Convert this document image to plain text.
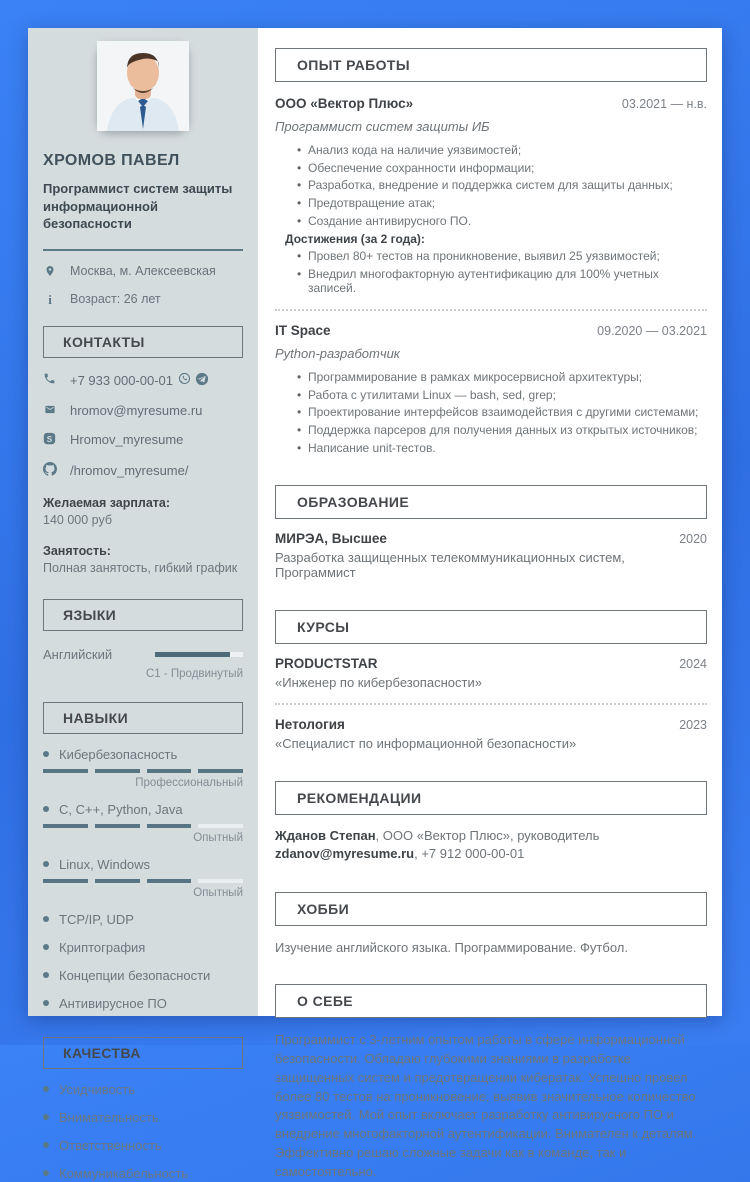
ХРОМОВ ПАВЕЛ
Программист систем защиты информационной безопасности
Москва, м. Алексеевская
i	Возраст: 26 лет
КОНТАКТЫ
+7 933 000-00-01
hromov@myresume.ru
S Hromov_myresume
/hromov_myresume/
Желаемая зарплата:
140 000 руб
Занятость:
Полная занятость, гибкий график
ЯЗЫКИ
Английский
C1 - Продвинутый
НАВЫКИ
Кибербезопасность
Профессиональный
C, C++, Python, Java
Опытный
Linux, Windows
Опытный
TCP/IP, UDP
Криптография
Концепции безопасности
Антивирусное ПО
КАЧЕСТВА
Усидчивость
Внимательность
Ответственность
Коммуникабельность
ОПЫТ РАБОТЫ
ООО «Вектор Плюс»	03.2021 — н.в.
Программист систем защиты ИБ
• Анализ кода на наличие уязвимостей;
• Обеспечение сохранности информации;
• Разработка, внедрение и поддержка систем для защиты данных;
• Предотвращение атак;
• Создание антивирусного ПО.
Достижения (за 2 года):
• Провел 80+ тестов на проникновение, выявил 25 уязвимостей;
• Внедрил многофакторную аутентификацию для 100% учетных записей.
IT Space	09.2020 — 03.2021
Python-разработчик
• Программирование в рамках микросервисной архитектуры;
• Работа с утилитами Linux — bash, sed, grep;
• Проектирование интерфейсов взаимодействия с другими системами;
• Поддержка парсеров для получения данных из открытых источников;
• Написание unit-тестов.
ОБРАЗОВАНИЕ
МИРЭА, Высшее	2020
Разработка защищенных телекоммуникационных систем, Программист
КУРСЫ
PRODUCTSTAR	2024
«Инженер по кибербезопасности»
Нетология	2023
«Специалист по информационной безопасности»
РЕКОМЕНДАЦИИ
Жданов Степан, ООО «Вектор Плюс», руководитель
zdanov@myresume.ru, +7 912 000-00-01
ХОББИ
Изучение английского языка. Программирование. Футбол.
О СЕБЕ
Программист с 3-летним опытом работы в сфере информационной безопасности. Обладаю глубокими знаниями в разработке защищенных систем и предотвращении кибератак. Успешно провел более 80 тестов на проникновение, выявив значительное количество уязвимостей. Мой опыт включает разработку антивирусного ПО и внедрение многофакторной аутентификации. Внимателен к деталям. Эффективно решаю сложные задачи как в команде, так и самостоятельно.
